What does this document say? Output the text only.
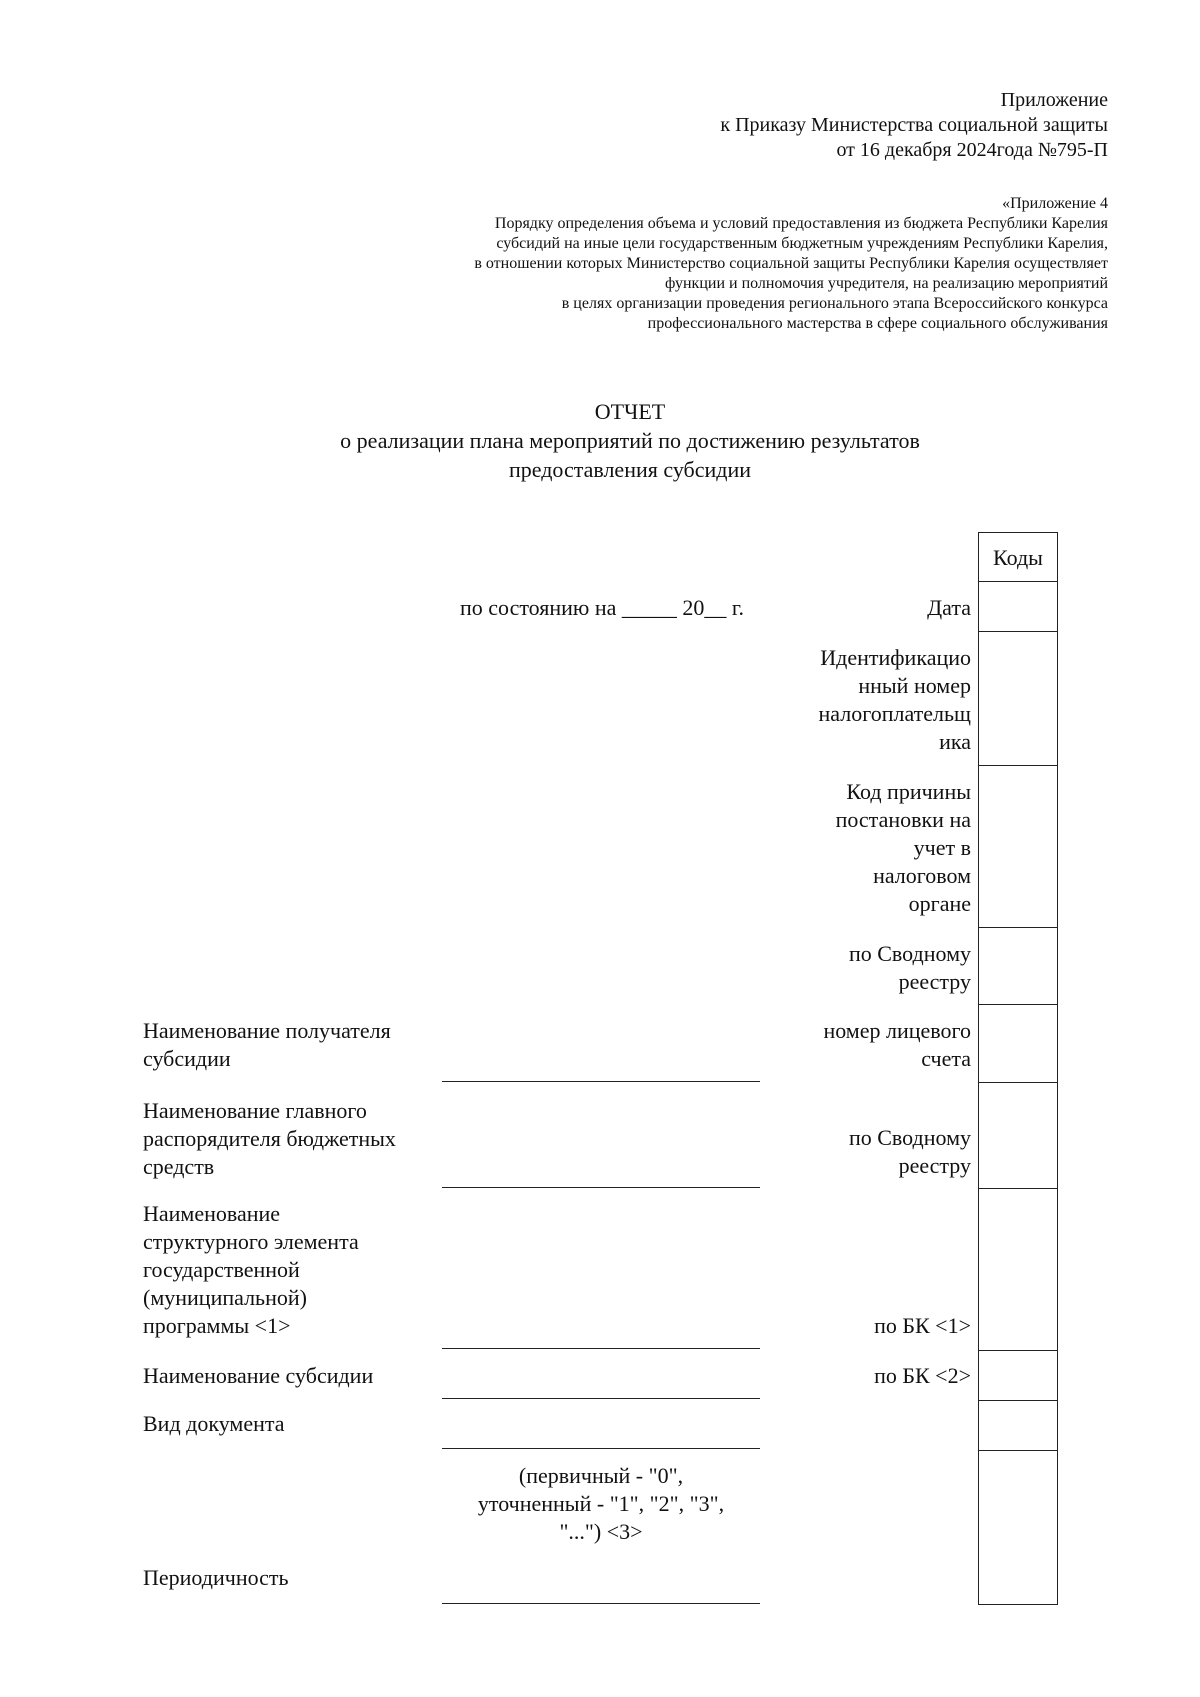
Приложение
к Приказу Министерства социальной защиты
от 16 декабря 2024года №795-П
«Приложение 4
Порядку определения объема и условий предоставления из бюджета Республики Карелия
субсидий на иные цели государственным бюджетным учреждениям Республики Карелия,
в отношении которых Министерство социальной защиты Республики Карелия осуществляет
функции и полномочия учредителя, на реализацию мероприятий
в целях организации проведения регионального этапа Всероссийского конкурса
профессионального мастерства в сфере социального обслуживания
ОТЧЕТ
о реализации плана мероприятий по достижению результатов
предоставления субсидии
Коды
по состоянию на _____ 20__ г.	Дата
Идентификацио
нный номер
налогоплательщ
ика
Код причины
постановки на
учет в
налоговом
органе
по Сводному
реестру
номер лицевого
счета
по Сводному
реестру
по БК <1>
по БК <2>
Наименование получателя
субсидии
Наименование главного
распорядителя бюджетных
средств
Наименование
структурного элемента
государственной
(муниципальной)
программы <1>
Наименование субсидии
Вид документа
(первичный - "0",
уточненный - "1", "2", "3",
"...") <3>
Периодичность
